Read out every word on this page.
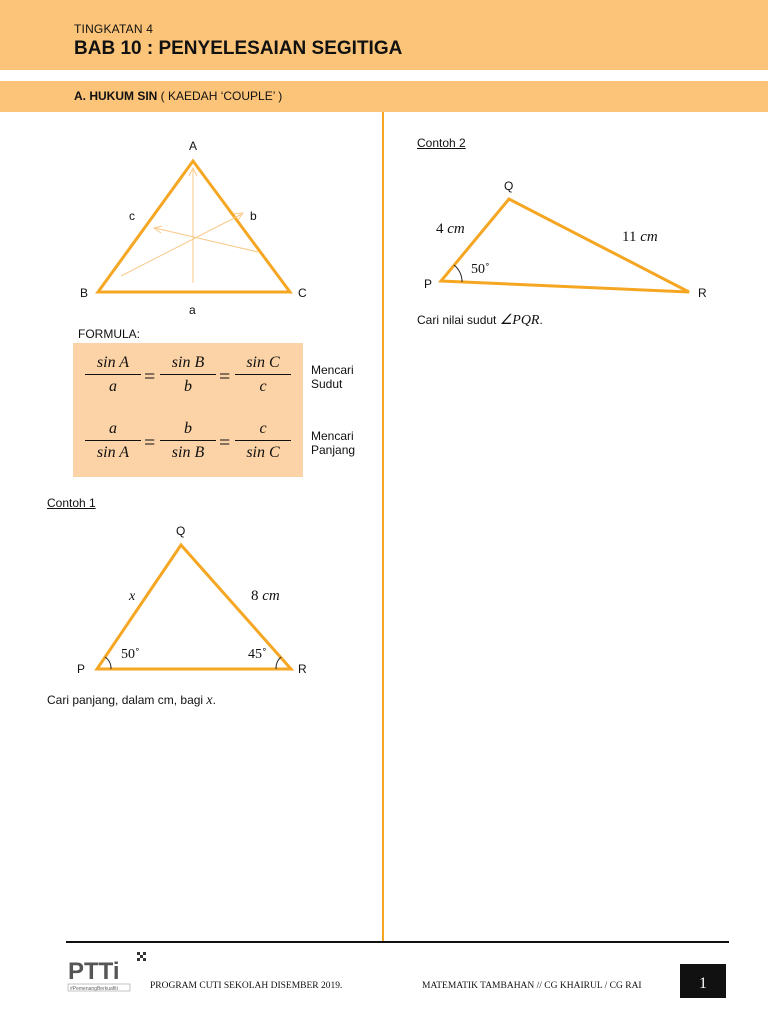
TINGKATAN 4
BAB 10 : PENYELESAIAN SEGITIGA
A. HUKUM SIN ( KAEDAH ‘COUPLE’ )
A
B	C
c	b
a
FORMULA:
$\frac{\text{sin A}}{a} = \frac{\text{sin B}}{b} = \frac{\text{sin C}}{c}$
$\frac{a}{\text{sin A}} = \frac{b}{\text{sin B}} = \frac{c}{\text{sin C}}$
Mencari
Sudut
Mencari
Panjang
Contoh 1
Q
P	R
x	8 cm
50˚	45˚
Cari panjang, dalam cm, bagi x.
Contoh 2
Q
P
R
4 cm	11 cm
50˚
Cari nilai sudut ∠PQR.
PTTi
#PemenangBerkuafiti	PROGRAM CUTI SEKOLAH DISEMBER 2019.	MATEMATIK TAMBAHAN // CG KHAIRUL / CG RAI	1
